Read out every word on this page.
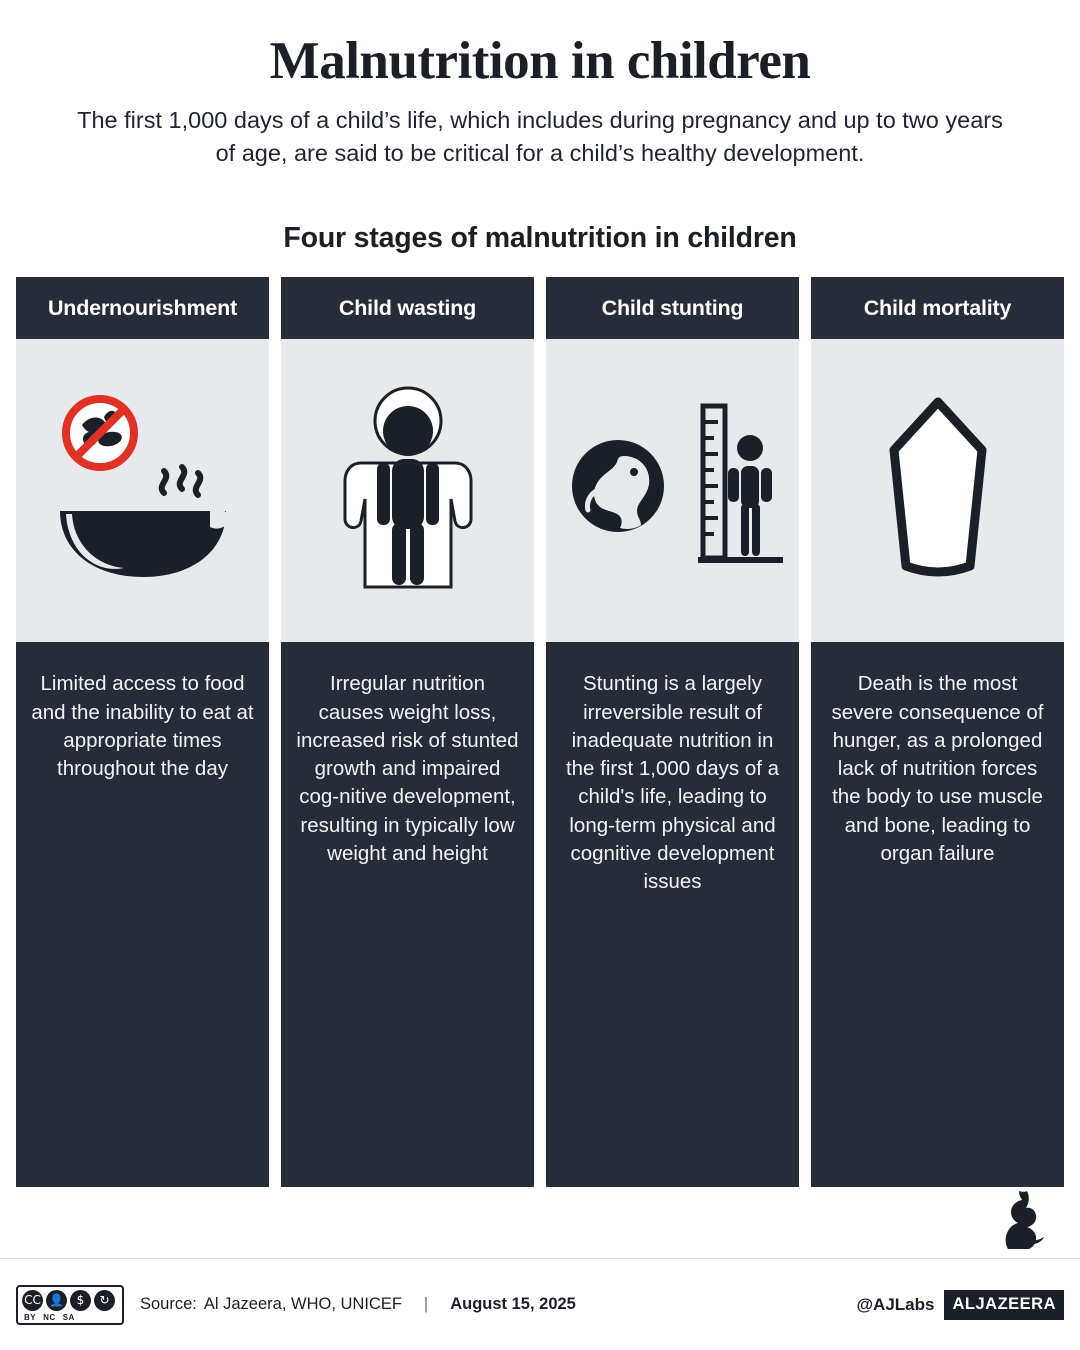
Malnutrition in children

The first 1,000 days of a child’s life, which includes during pregnancy and up to two years of age, are said to be critical for a child’s healthy development.

Four stages of malnutrition in children
Undernourishment
Limited access to food and the inability to eat at appropriate times throughout the day
Child wasting
Irregular nutrition causes weight loss, increased risk of stunted growth and impaired cog-nitive development, resulting in typically low weight and height
Child stunting
Stunting is a largely irreversible result of inadequate nutrition in the first 1,000 days of a child's life, leading to long-term physical and cognitive development issues
Child mortality
Death is the most severe consequence of hunger, as a prolonged lack of nutrition forces the body to use muscle and bone, leading to organ failure
CC 👤	$	↻
BY NC SA
Source: Al Jazeera, WHO, UNICEF | August 15, 2025	@AJLabs	ALJAZEERA
